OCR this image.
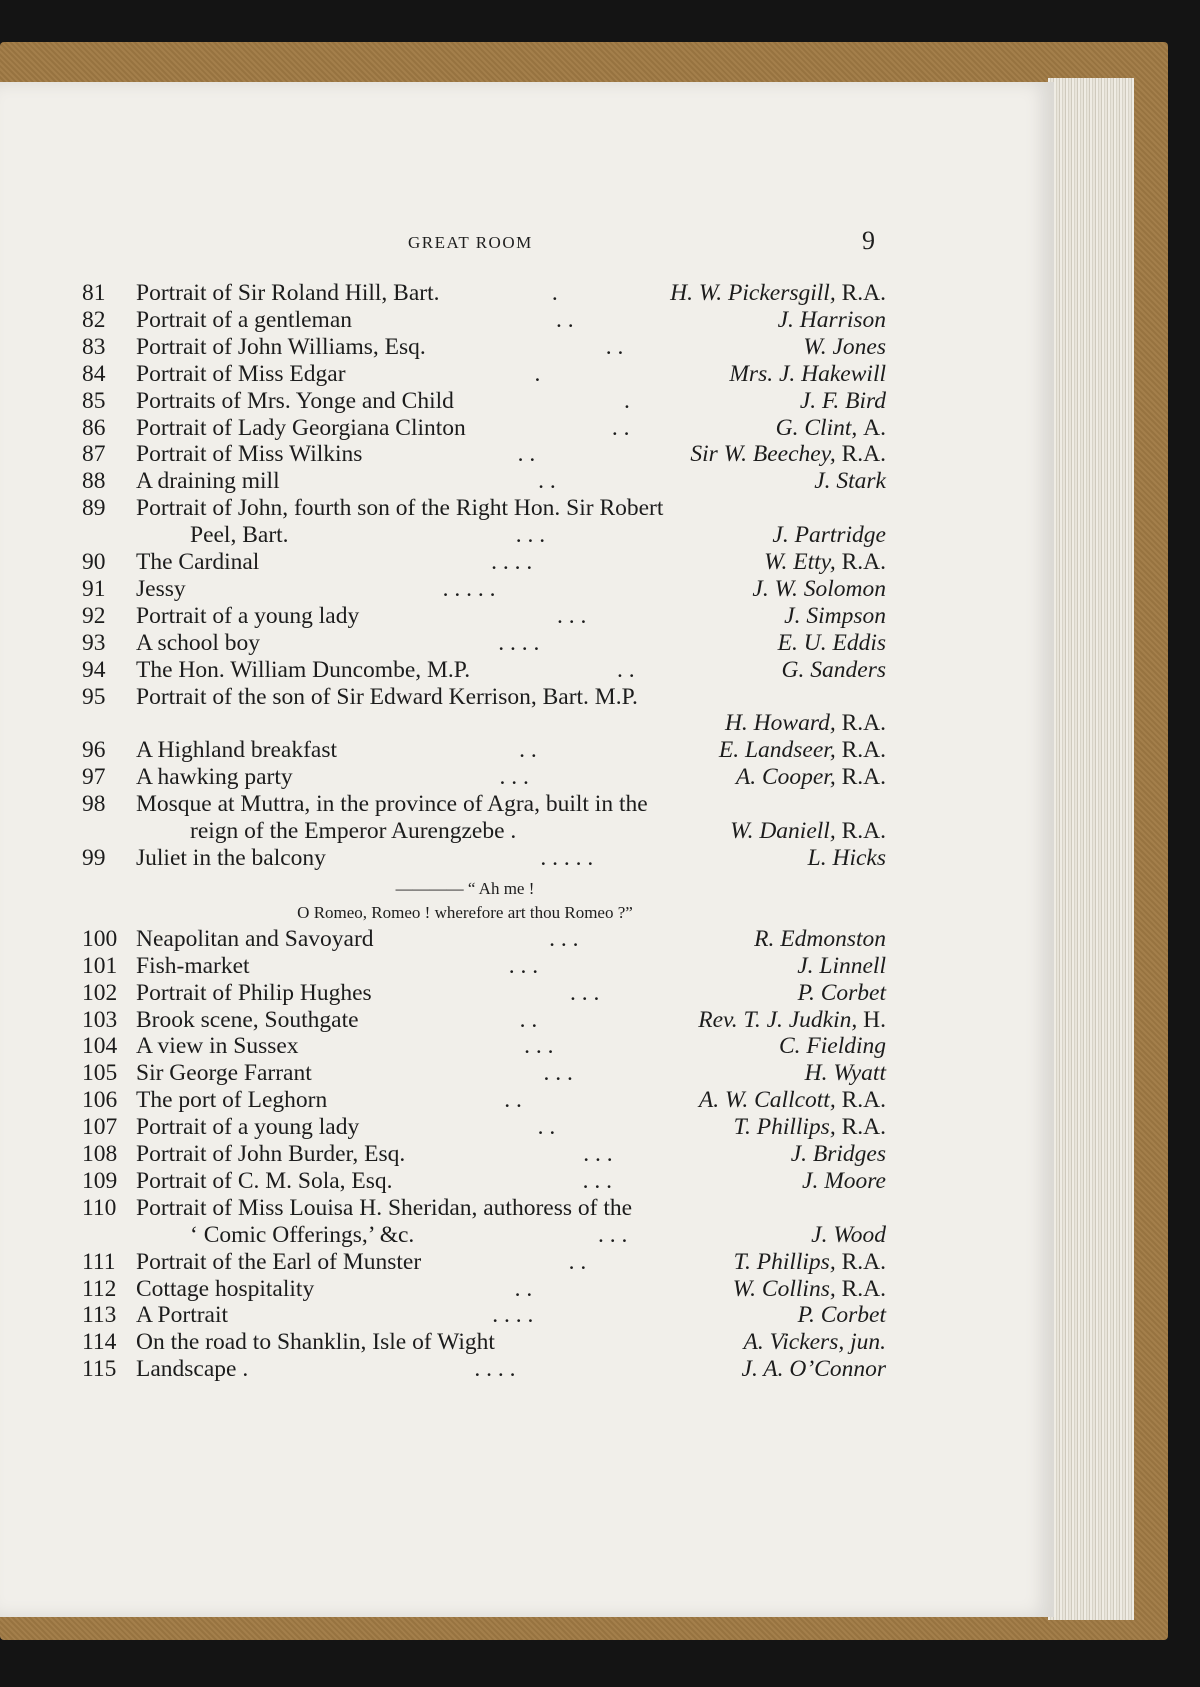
GREAT ROOM	9
81 Portrait of Sir Roland Hill, Bart.	.	H. W. Pickersgill, R.A.
82 Portrait of a gentleman	. .	J. Harrison
83 Portrait of John Williams, Esq.	. .	W. Jones
84 Portrait of Miss Edgar	.	Mrs. J. Hakewill
85 Portraits of Mrs. Yonge and Child	.	J. F. Bird
86 Portrait of Lady Georgiana Clinton	. .	G. Clint, A.
87 Portrait of Miss Wilkins	. .	Sir W. Beechey, R.A.
88 A draining mill	. .	J. Stark
89 Portrait of John, fourth son of the Right Hon. Sir Robert
Peel, Bart.	. . .	J. Partridge
90 The Cardinal	. . . .	W. Etty, R.A.
91 Jessy	. . . . .	J. W. Solomon
92 Portrait of a young lady	. . .	J. Simpson
93 A school boy	. . . .	E. U. Eddis
94 The Hon. William Duncombe, M.P.	. .	G. Sanders
95 Portrait of the son of Sir Edward Kerrison, Bart. M.P.
H. Howard, R.A.
96 A Highland breakfast	. .	E. Landseer, R.A.
97 A hawking party	. . .	A. Cooper, R.A.
98 Mosque at Muttra, in the province of Agra, built in the
reign of the Emperor Aurengzebe .	W. Daniell, R.A.
99 Juliet in the balcony	. . . . .	L. Hicks
100 Neapolitan and Savoyard	. . .	R. Edmonston
101 Fish-market	. . .	J. Linnell
102 Portrait of Philip Hughes	. . .	P. Corbet
103 Brook scene, Southgate	. .	Rev. T. J. Judkin, H.
104 A view in Sussex	. . .	C. Fielding
105 Sir George Farrant	. . .	H. Wyatt
106 The port of Leghorn	. .	A. W. Callcott, R.A.
107 Portrait of a young lady	. .	T. Phillips, R.A.
108 Portrait of John Burder, Esq.	. . .	J. Bridges
109 Portrait of C. M. Sola, Esq.	. . .	J. Moore
110 Portrait of Miss Louisa H. Sheridan, authoress of the
‘ Comic Offerings,’ &c.	. . .	J. Wood
111 Portrait of the Earl of Munster	. .	T. Phillips, R.A.
112 Cottage hospitality	. .	W. Collins, R.A.
113 A Portrait	. . . .	P. Corbet
114 On the road to Shanklin, Isle of Wight	A. Vickers, jun.
115 Landscape .	. . . .	J. A. O’Connor
———— “ Ah me !
O Romeo, Romeo ! wherefore art thou Romeo ?”
